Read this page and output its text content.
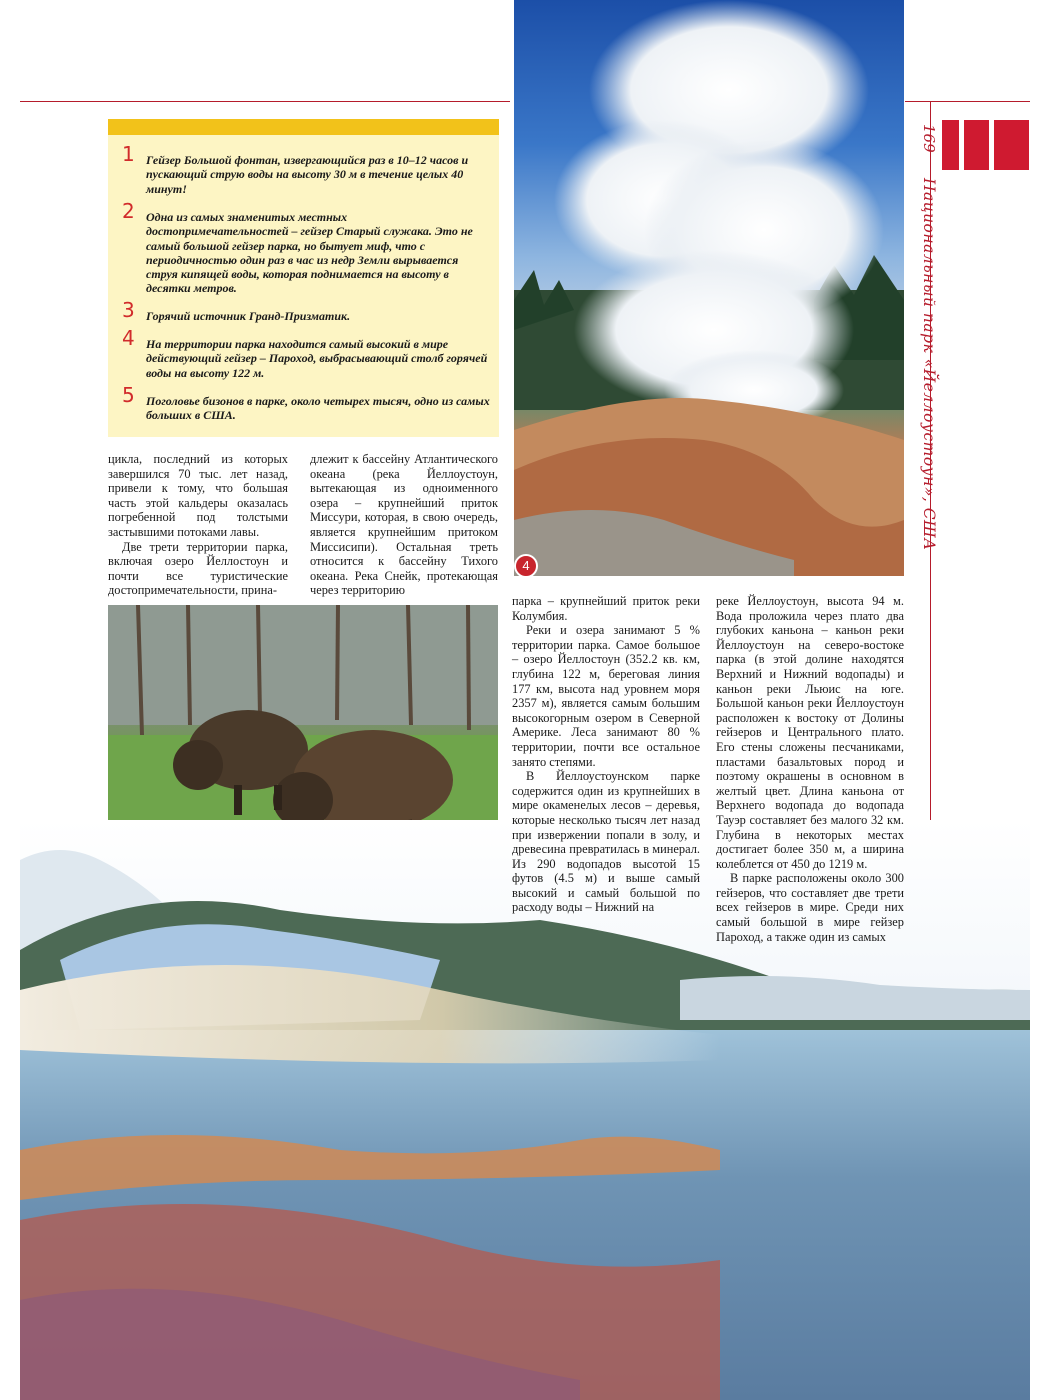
169
Национальный парк «Йеллоустоун», США
1 Гейзер Большой фонтан, извергающийся раз в 10–12 часов и пускающий струю воды на высоту 30 м в течение целых 40 минут!
2 Одна из самых знаменитых местных достопримечательностей – гейзер Старый служака. Это не самый большой гейзер парка, но бытует миф, что с периодичностью один раз в час из недр Земли вырывается струя кипящей воды, которая поднимается на высоту в десятки метров.
3 Горячий источник Гранд-Призматик.
4 На территории парка находится самый высокий в мире действующий гейзер – Пароход, выбрасывающий столб горячей воды на высоту 122 м.
5 Поголовье бизонов в парке, около четырех тысяч, одно из самых больших в США.
4

цикла, последний из которых завершился 70 тыс. лет назад, привели к тому, что большая часть этой кальдеры оказалась погребенной под толстыми застывшими потоками лавы.

Две трети территории парка, включая озеро Йеллостоун и почти все туристические достопримечательности, прина-

длежит к бассейну Атлантического океана (река Йеллоустоун, вытекающая из одноименного озера – крупнейший приток Миссури, которая, в свою очередь, является крупнейшим притоком Миссисипи). Остальная треть относится к бассейну Тихого океана. Река Снейк, протекающая через территорию

парка – крупнейший приток реки Колумбия.

Реки и озера занимают 5 % территории парка. Самое большое – озеро Йеллостоун (352.2 кв. км, глубина 122 м, береговая линия 177 км, высота над уровнем моря 2357 м), является самым большим высокогорным озером в Северной Америке. Леса занимают 80 % территории, почти все остальное занято степями.

В Йеллоустоунском парке содержится один из крупнейших в мире окаменелых лесов – деревья, которые несколько тысяч лет назад при извержении попали в золу, и древесина превратилась в минерал. Из 290 водопадов высотой 15 футов (4.5 м) и выше самый высокий и самый большой по расходу воды – Нижний на

реке Йеллоустоун, высота 94 м. Вода проложила через плато два глубоких каньона – каньон реки Йеллоустоун на северо-востоке парка (в этой долине находятся Верхний и Нижний водопады) и каньон реки Льюис на юге. Большой каньон реки Йеллоустоун расположен к востоку от Долины гейзеров и Центрального плато. Его стены сложены песчаниками, пластами базальтовых пород и поэтому окрашены в основном в желтый цвет. Длина каньона от Верхнего водопада до водопада Тауэр составляет без малого 32 км. Глубина в некоторых местах достигает более 350 м, а ширина колеблется от 450 до 1219 м.

В парке расположены около 300 гейзеров, что составляет две трети всех гейзеров в мире. Среди них самый большой в мире гейзер Пароход, а также один из самых
